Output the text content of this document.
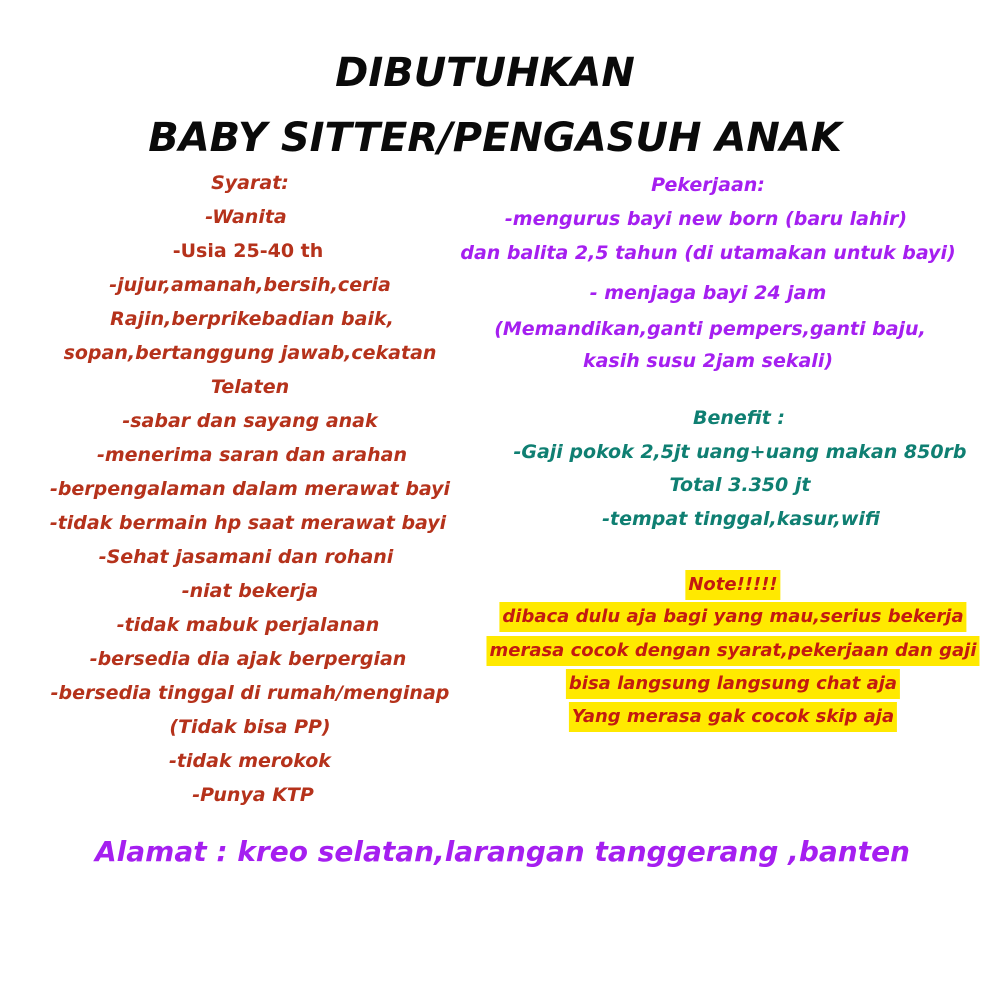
DIBUTUHKAN
BABY SITTER/PENGASUH ANAK
Syarat:
-Wanita
-Usia 25-40 th
-jujur,amanah,bersih,ceria
Rajin,berprikebadian baik,
sopan,bertanggung jawab,cekatan
Telaten
-sabar dan sayang anak
-menerima saran dan arahan
-berpengalaman dalam merawat bayi
-tidak bermain hp saat merawat bayi
-Sehat jasamani dan rohani
-niat bekerja
-tidak mabuk perjalanan
-bersedia dia ajak berpergian
-bersedia tinggal di rumah/menginap
(Tidak bisa PP)
-tidak merokok
-Punya KTP
Pekerjaan:
-mengurus bayi new born (baru lahir)
dan balita 2,5 tahun (di utamakan untuk bayi)
- menjaga bayi 24 jam
(Memandikan,ganti pempers,ganti baju,
kasih susu 2jam sekali)
Benefit :
-Gaji pokok 2,5jt uang+uang makan 850rb
Total 3.350 jt
-tempat tinggal,kasur,wifi
Note!!!!!
dibaca dulu aja bagi yang mau,serius bekerja
merasa cocok dengan syarat,pekerjaan dan gaji
bisa langsung langsung chat aja
Yang merasa gak cocok skip aja

Alamat : kreo selatan,larangan tanggerang ,banten
